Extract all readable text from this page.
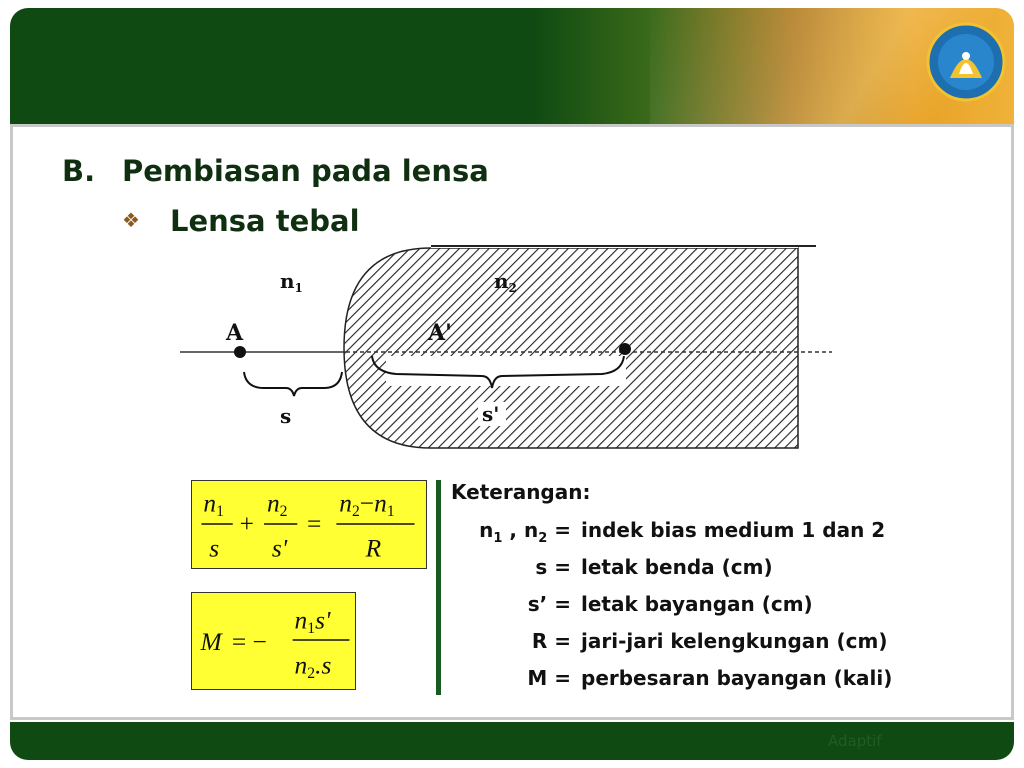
B. Pembiasan pada lensa
❖ Lensa tebal
$n_1$	$n_2$
A	A'
s	s'
n1
s
+
n2
s'
=
n2−n1
R
M = −
n1s'
n2.s
Keterangan:
$n_1$ , $n_2$ = indek bias medium 1 dan 2
s = letak benda (cm)
s’ = letak bayangan (cm)
R = jari-jari kelengkungan (cm)
M = perbesaran bayangan (kali)
Adaptif
